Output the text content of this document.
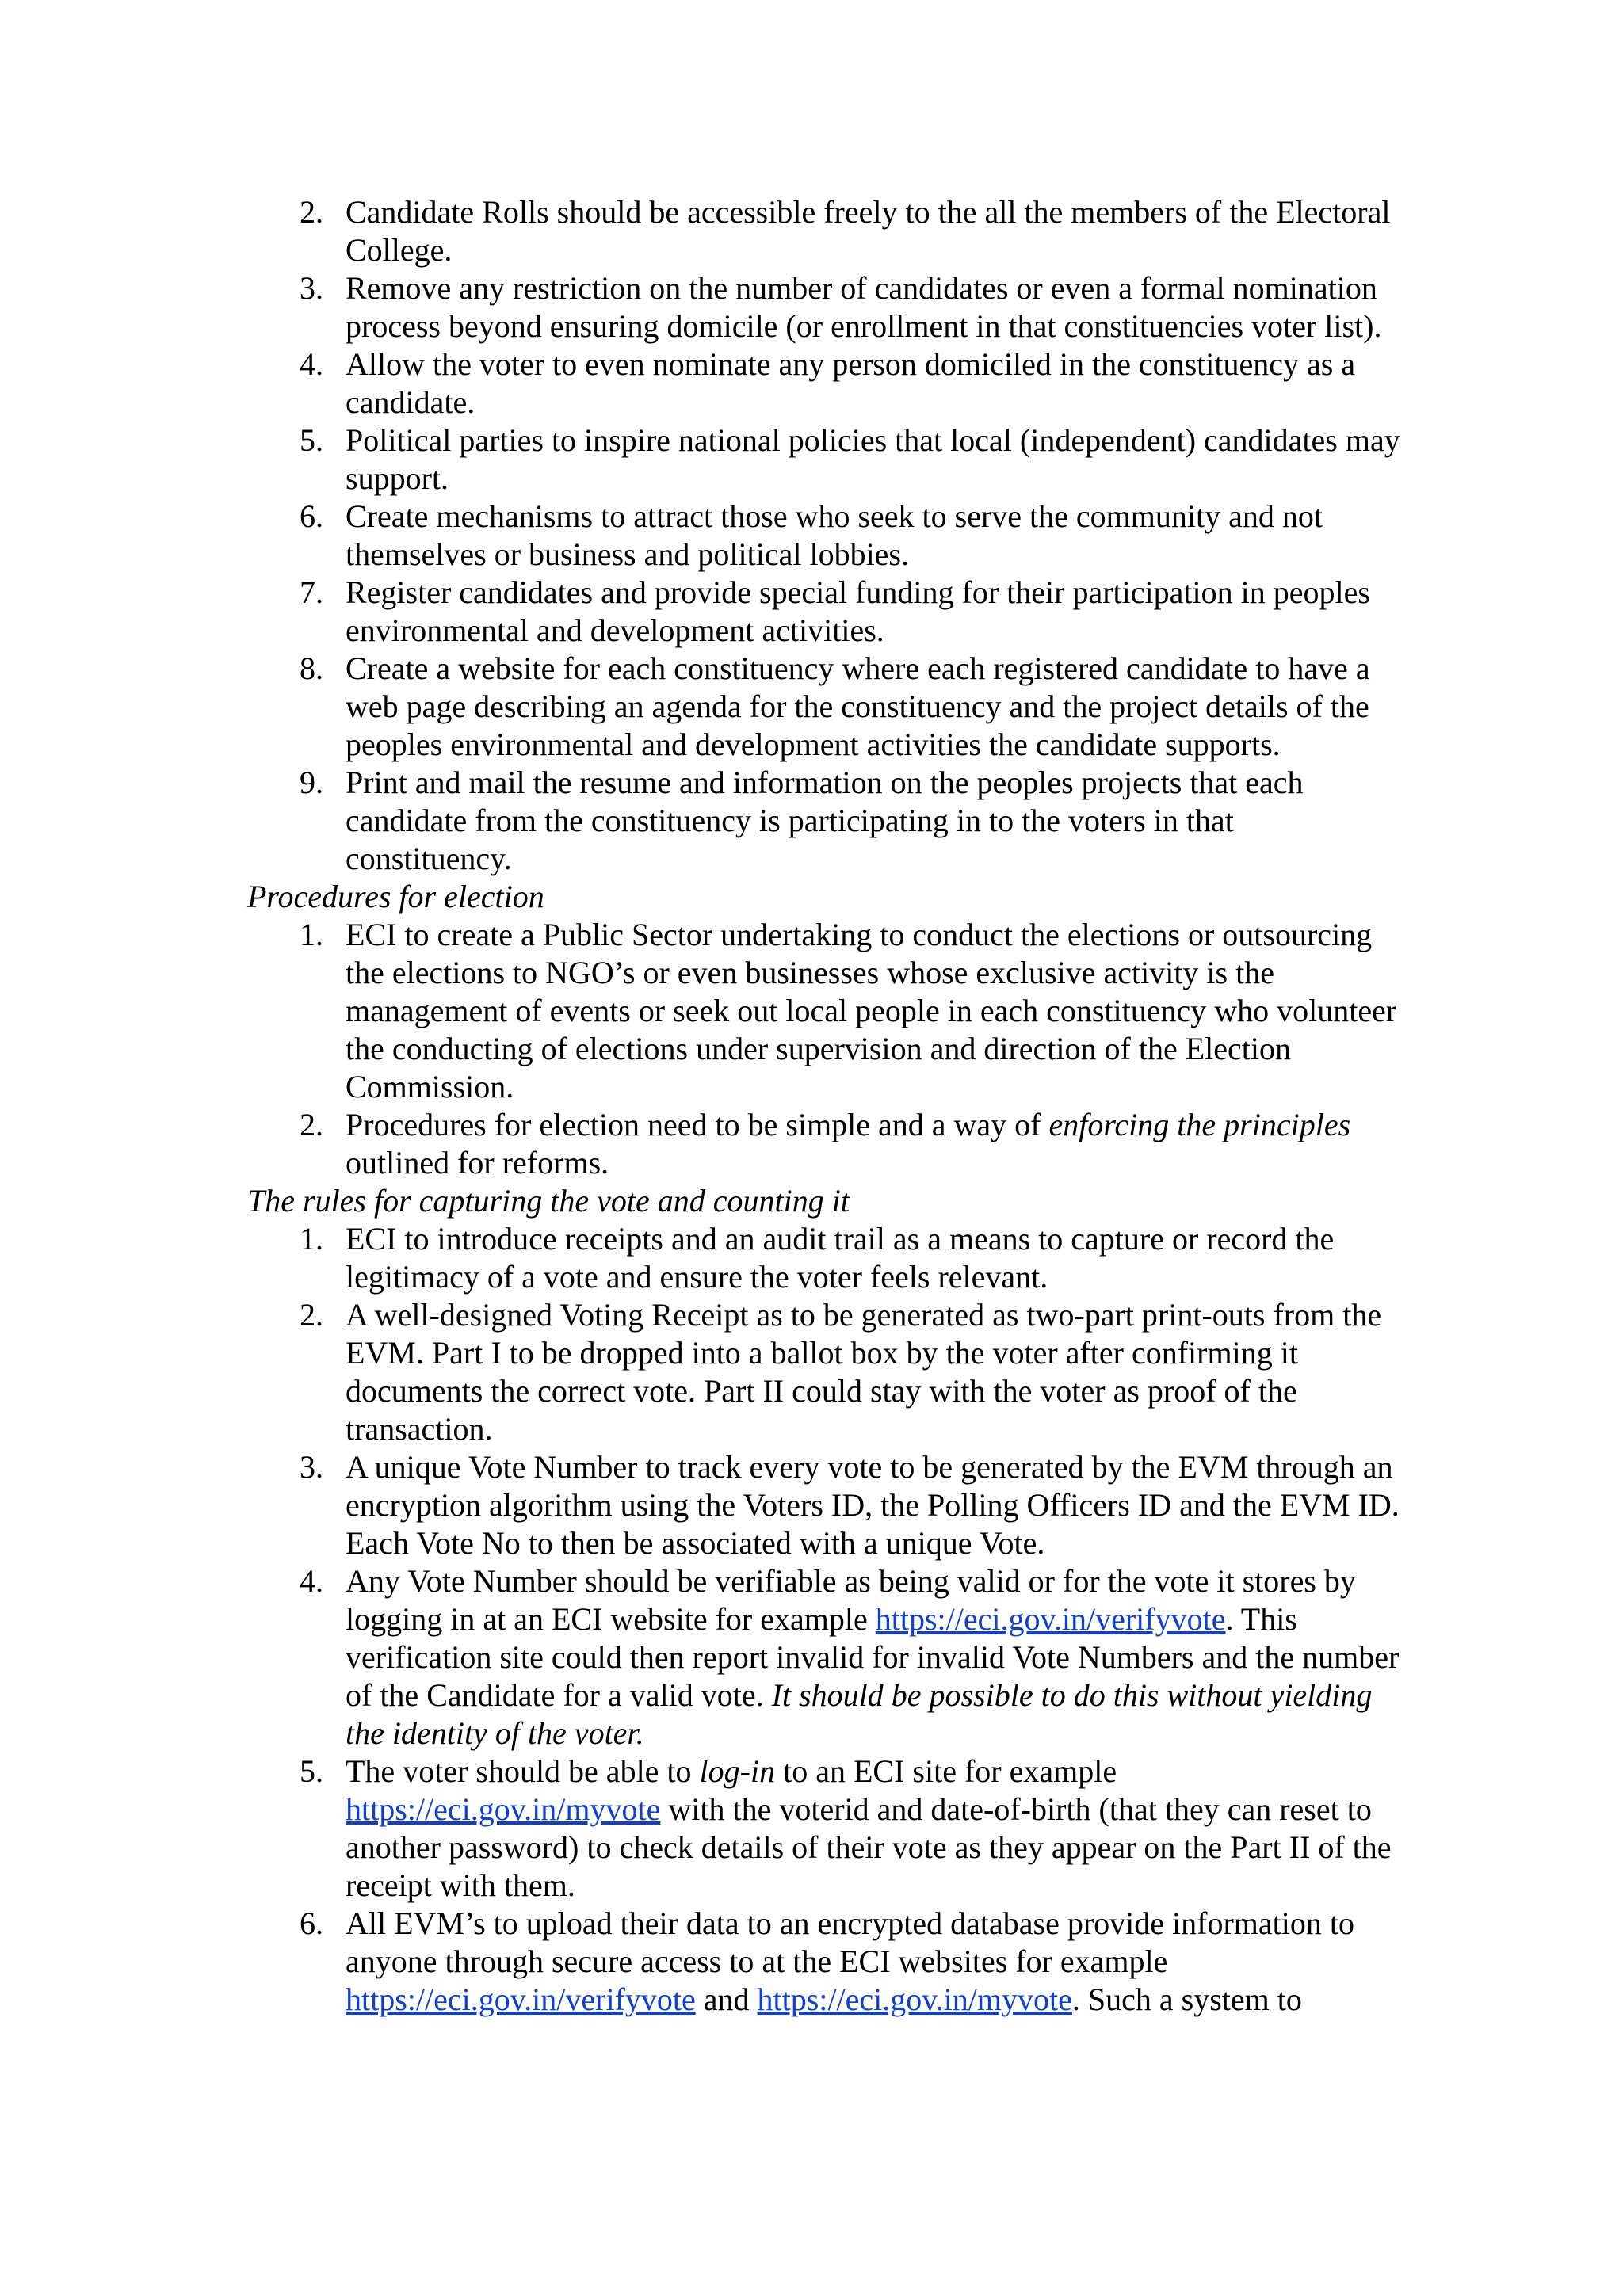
2. Candidate Rolls should be accessible freely to the all the members of the Electoral College.
3. Remove any restriction on the number of candidates or even a formal nomination process beyond ensuring domicile (or enrollment in that constituencies voter list).
4. Allow the voter to even nominate any person domiciled in the constituency as a candidate.
5. Political parties to inspire national policies that local (independent) candidates may support.
6. Create mechanisms to attract those who seek to serve the community and not themselves or business and political lobbies.
7. Register candidates and provide special funding for their participation in peoples environmental and development activities.
8. Create a website for each constituency where each registered candidate to have a web page describing an agenda for the constituency and the project details of the peoples environmental and development activities the candidate supports.
9. Print and mail the resume and information on the peoples projects that each candidate from the constituency is participating in to the voters in that constituency.

Procedures for election

1. ECI to create a Public Sector undertaking to conduct the elections or outsourcing the elections to NGO’s or even businesses whose exclusive activity is the management of events or seek out local people in each constituency who volunteer the conducting of elections under supervision and direction of the Election Commission.
2. Procedures for election need to be simple and a way of enforcing the principles outlined for reforms.

The rules for capturing the vote and counting it

1. ECI to introduce receipts and an audit trail as a means to capture or record the legitimacy of a vote and ensure the voter feels relevant.
2. A well-designed Voting Receipt as to be generated as two-part print-outs from the EVM. Part I to be dropped into a ballot box by the voter after confirming it documents the correct vote. Part II could stay with the voter as proof of the transaction.
3. A unique Vote Number to track every vote to be generated by the EVM through an encryption algorithm using the Voters ID, the Polling Officers ID and the EVM ID. Each Vote No to then be associated with a unique Vote.
4. Any Vote Number should be verifiable as being valid or for the vote it stores by logging in at an ECI website for example https://eci.gov.in/verifyvote. This verification site could then report invalid for invalid Vote Numbers and the number of the Candidate for a valid vote. It should be possible to do this without yielding the identity of the voter.
5. The voter should be able to log-in to an ECI site for example https://eci.gov.in/myvote with the voterid and date-of-birth (that they can reset to another password) to check details of their vote as they appear on the Part II of the receipt with them.
6. All EVM’s to upload their data to an encrypted database provide information to anyone through secure access to at the ECI websites for example https://eci.gov.in/verifyvote and https://eci.gov.in/myvote. Such a system to
